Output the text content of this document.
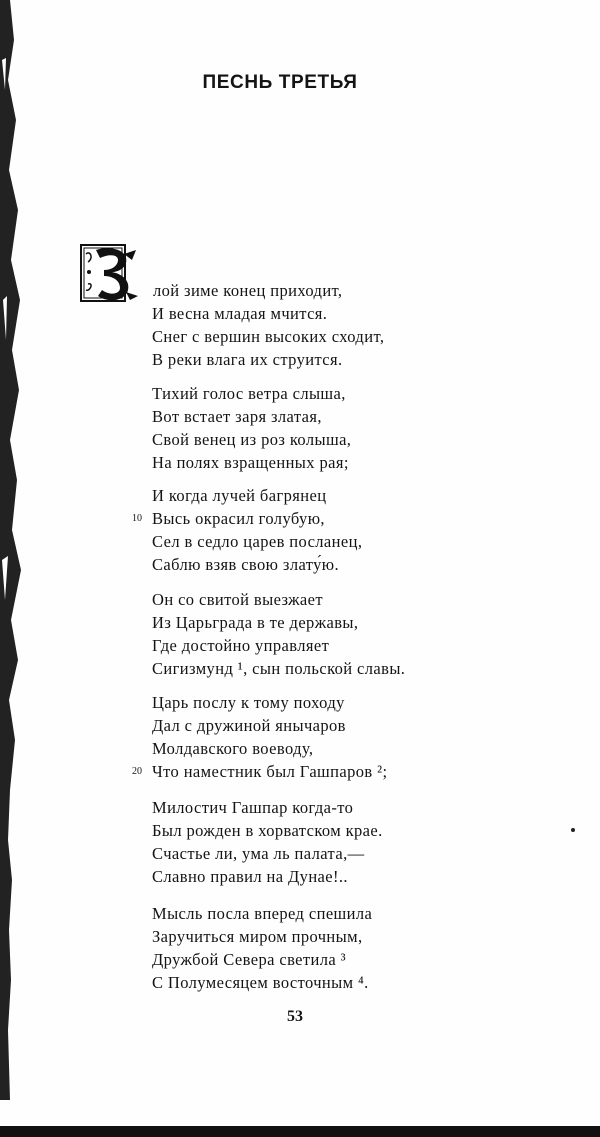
ПЕСНЬ ТРЕТЬЯ
лой зиме конец приходит,
И весна младая мчится.
Снег с вершин высоких сходит,
В реки влага их струится.
Тихий голос ветра слыша,
Вот встает заря златая,
Свой венец из роз колыша,
На полях взращенных рая;
И когда лучей багрянец
10 Высь окрасил голубую,
Сел в седло царев посланец,
Саблю взяв свою злату́ю.
Он со свитой выезжает
Из Царьграда в те державы,
Где достойно управляет
Сигизмунд ¹, сын польской славы.
Царь послу к тому походу
Дал с дружиной янычаров
Молдавского воеводу,
20 Что наместник был Гашпаров ²;
Милостич Гашпар когда-то
Был рожден в хорватском крае.
Счастье ли, ума ль палата,—
Славно правил на Дунае!..
Мысль посла вперед спешила
Заручиться миром прочным,
Дружбой Севера светила ³
С Полумесяцем восточным ⁴.
53
